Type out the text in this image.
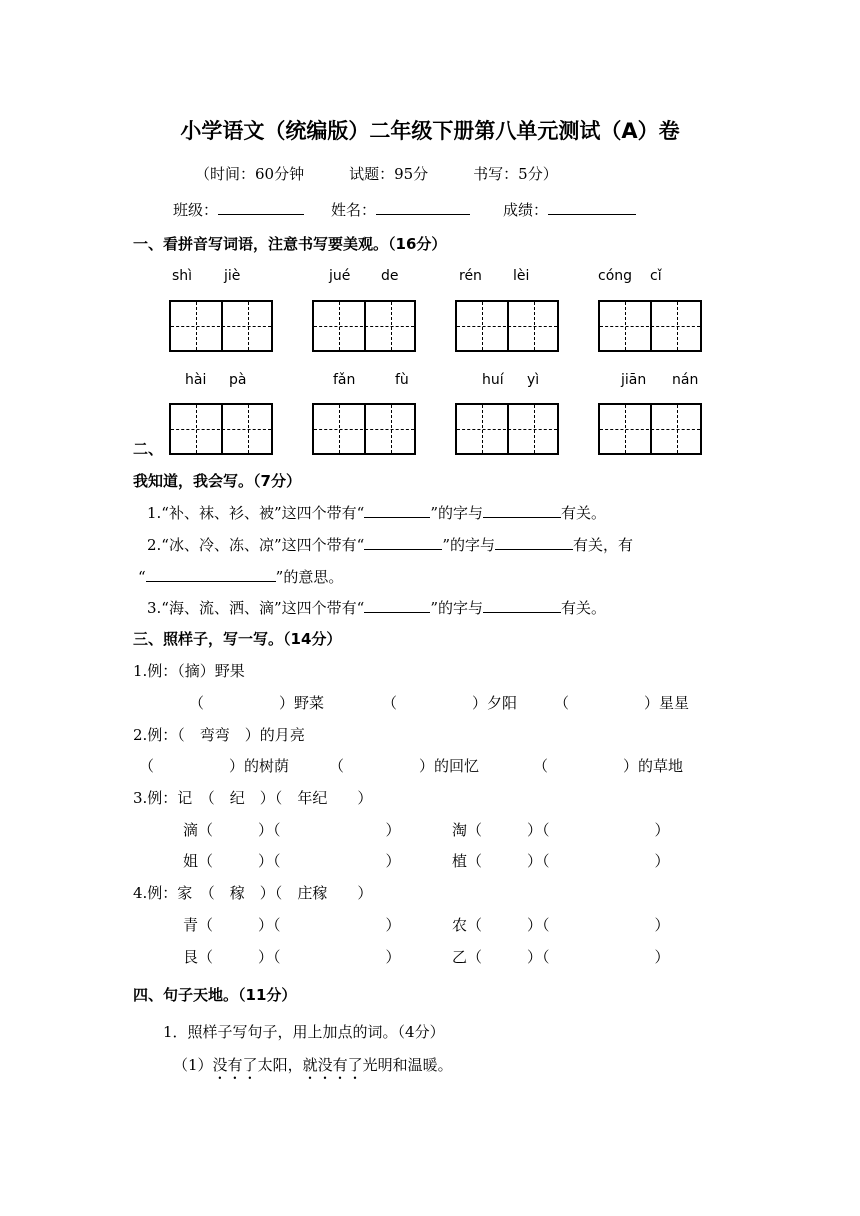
小学语文（统编版）二年级下册第八单元测试（A）卷
（时间：60分钟　　　试题：95分　　　书写：5分）
班级：	姓名：	成绩：
一、看拼音写词语，注意书写要美观。（16分）
shì jiè	jué de	rén lèi	cóng cǐ
hài pà	fǎn	fù	huí yì	jiān nán
二、
我知道，我会写。（7分）
1.“补、袜、衫、被”这四个带有“	”的字与	有关。
2.“冰、冷、冻、凉”这四个带有“	”的字与	有关，有
“	”的意思。
3.“海、流、洒、滴”这四个带有“	”的字与	有关。
三、照样子，写一写。（14分）
1.例：（摘）野果
（　　　　　）野菜	（　　　　　）夕阳 （　　　　　）星星
2.例：（　弯弯　）的月亮
（　　　　　）的树荫	（　　　　　）的回忆	（　　　　　）的草地
3.例：记　（　纪　）（　年纪　　）
滴（　　　）（　　　　　　　）	淘（　　　）（　　　　　　　）
姐（　　　）（　　　　　　　）	植（　　　）（　　　　　　　）
4.例：家　（　稼　）（　庄稼　　）
青（　　　）（　　　　　　　）	农（　　　）（　　　　　　　）
艮（　　　）（　　　　　　　）	乙（　　　）（　　　　　　　）
四、句子天地。（11分）
1．照样子写句子，用上加点的词。（4分）
（1）没有了太阳，就没有了光明和温暖。
